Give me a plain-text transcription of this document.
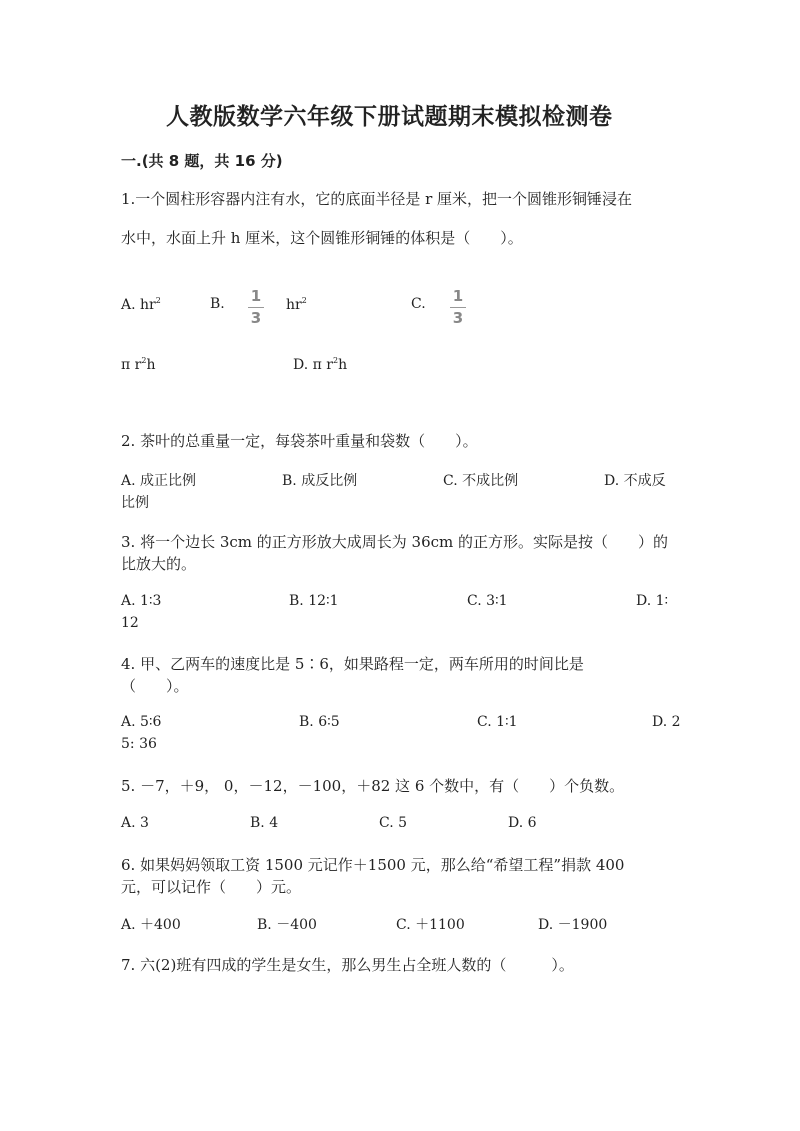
人教版数学六年级下册试题期末模拟检测卷
一.(共 8 题，共 16 分)
1.一个圆柱形容器内注有水，它的底面半径是 r 厘米，把一个圆锥形铜锤浸在
水中，水面上升 h 厘米，这个圆锥形铜锤的体积是（　　）。
A. $hr^2$	B. 1
3
$hr^2$	C. 1
3
π $r^2h$	D. π $r^2h$
2. 茶叶的总重量一定，每袋茶叶重量和袋数（　　）。
A. 成正比例	B. 成反比例	C. 不成比例	D. 不成反
比例
3. 将一个边长 3cm 的正方形放大成周长为 36cm 的正方形。实际是按（　　）的
比放大的。
A. 1∶3	B. 12∶1	C. 3∶1	D. 1∶
12
4. 甲、乙两车的速度比是 5∶6，如果路程一定，两车所用的时间比是
（　　）。
A. 5∶6	B. 6∶5	C. 1∶1	D. 2
5: 36
5. －7，＋9， 0，－12，－100，＋82 这 6 个数中，有（　　）个负数。
A. 3	B. 4	C. 5	D. 6
6. 如果妈妈领取工资 1500 元记作＋1500 元，那么给“希望工程”捐款 400
元，可以记作（　　）元。
A. ＋400	B. －400	C. ＋1100	D. －1900
7. 六(2)班有四成的学生是女生，那么男生占全班人数的（　　　）。
